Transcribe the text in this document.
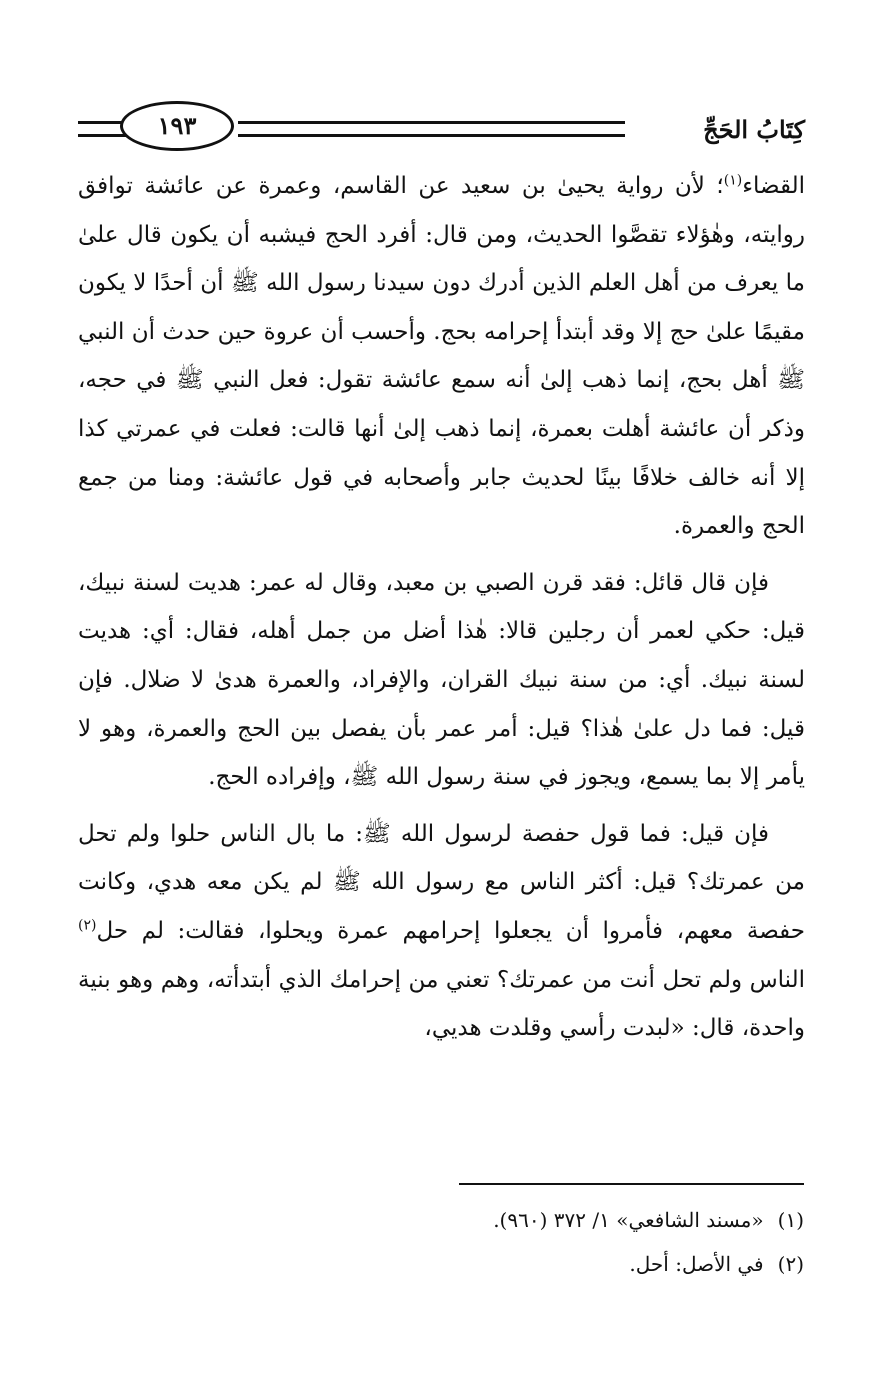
كِتَابُ الحَجِّ
١٩٣

القضاء$^{(١)}$؛ لأن رواية يحيىٰ بن سعيد عن القاسم، وعمرة عن عائشة توافق روايته، وهٰؤلاء تقصَّوا الحديث، ومن قال: أفرد الحج فيشبه أن يكون قال علىٰ ما يعرف من أهل العلم الذين أدرك دون سيدنا رسول الله ﷺ أن أحدًا لا يكون مقيمًا علىٰ حج إلا وقد أبتدأ إحرامه بحج. وأحسب أن عروة حين حدث أن النبي ﷺ أهل بحج، إنما ذهب إلىٰ أنه سمع عائشة تقول: فعل النبي ﷺ في حجه، وذكر أن عائشة أهلت بعمرة، إنما ذهب إلىٰ أنها قالت: فعلت في عمرتي كذا إلا أنه خالف خلافًا بينًا لحديث جابر وأصحابه في قول عائشة: ومنا من جمع الحج والعمرة.

فإن قال قائل: فقد قرن الصبي بن معبد، وقال له عمر: هديت لسنة نبيك، قيل: حكي لعمر أن رجلين قالا: هٰذا أضل من جمل أهله، فقال: أي: هديت لسنة نبيك. أي: من سنة نبيك القران، والإفراد، والعمرة هدىٰ لا ضلال. فإن قيل: فما دل علىٰ هٰذا؟ قيل: أمر عمر بأن يفصل بين الحج والعمرة، وهو لا يأمر إلا بما يسمع، ويجوز في سنة رسول الله ﷺ، وإفراده الحج.

فإن قيل: فما قول حفصة لرسول الله ﷺ: ما بال الناس حلوا ولم تحل من عمرتك؟ قيل: أكثر الناس مع رسول الله ﷺ لم يكن معه هدي، وكانت حفصة معهم، فأمروا أن يجعلوا إحرامهم عمرة ويحلوا، فقالت: لم حل$^{(٢)}$ الناس ولم تحل أنت من عمرتك؟ تعني من إحرامك الذي أبتدأته، وهم وهو بنية واحدة، قال: «لبدت رأسي وقلدت هديي،

(١)«مسند الشافعي» ١/ ٣٧٢ (٩٦٠).
(٢)في الأصل: أحل.
